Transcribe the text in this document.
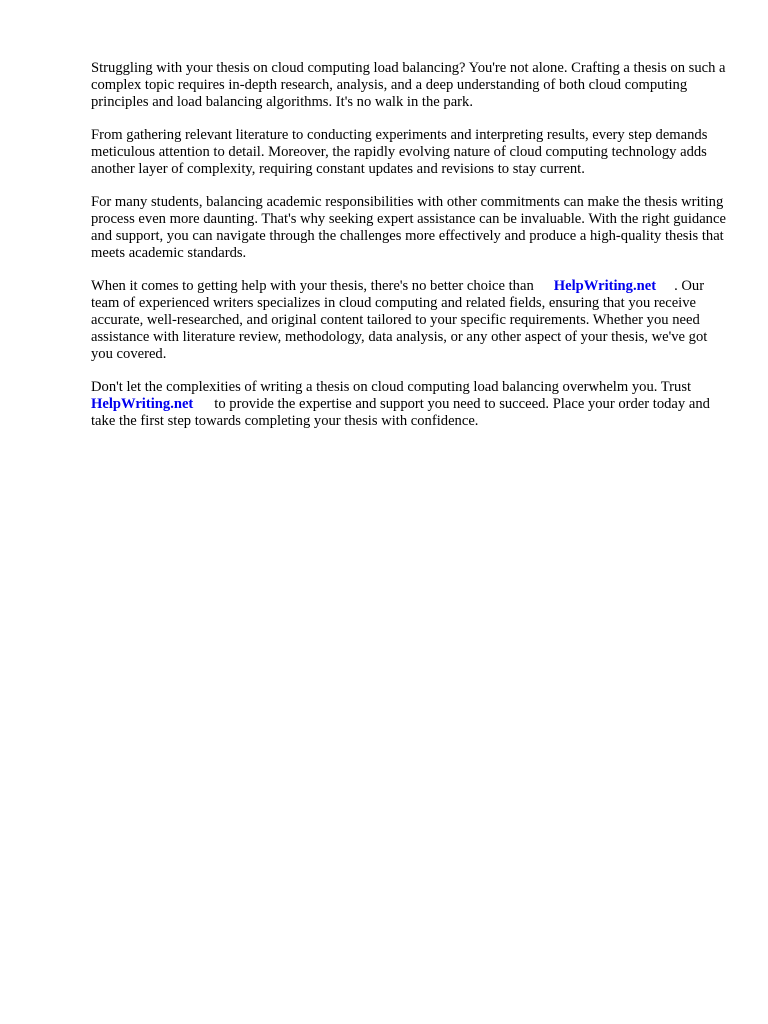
Struggling with your thesis on cloud computing load balancing? You're not alone. Crafting a thesis on such a complex topic requires in-depth research, analysis, and a deep understanding of both cloud computing principles and load balancing algorithms. It's no walk in the park.

From gathering relevant literature to conducting experiments and interpreting results, every step demands meticulous attention to detail. Moreover, the rapidly evolving nature of cloud computing technology adds another layer of complexity, requiring constant updates and revisions to stay current.

For many students, balancing academic responsibilities with other commitments can make the thesis writing process even more daunting. That's why seeking expert assistance can be invaluable. With the right guidance and support, you can navigate through the challenges more effectively and produce a high-quality thesis that meets academic standards.

When it comes to getting help with your thesis, there's no better choice than HelpWriting.net . Our team of experienced writers specializes in cloud computing and related fields, ensuring that you receive accurate, well-researched, and original content tailored to your specific requirements. Whether you need assistance with literature review, methodology, data analysis, or any other aspect of your thesis, we've got you covered.

Don't let the complexities of writing a thesis on cloud computing load balancing overwhelm you. TrustHelpWriting.net to provide the expertise and support you need to succeed. Place your order today and take the first step towards completing your thesis with confidence.
